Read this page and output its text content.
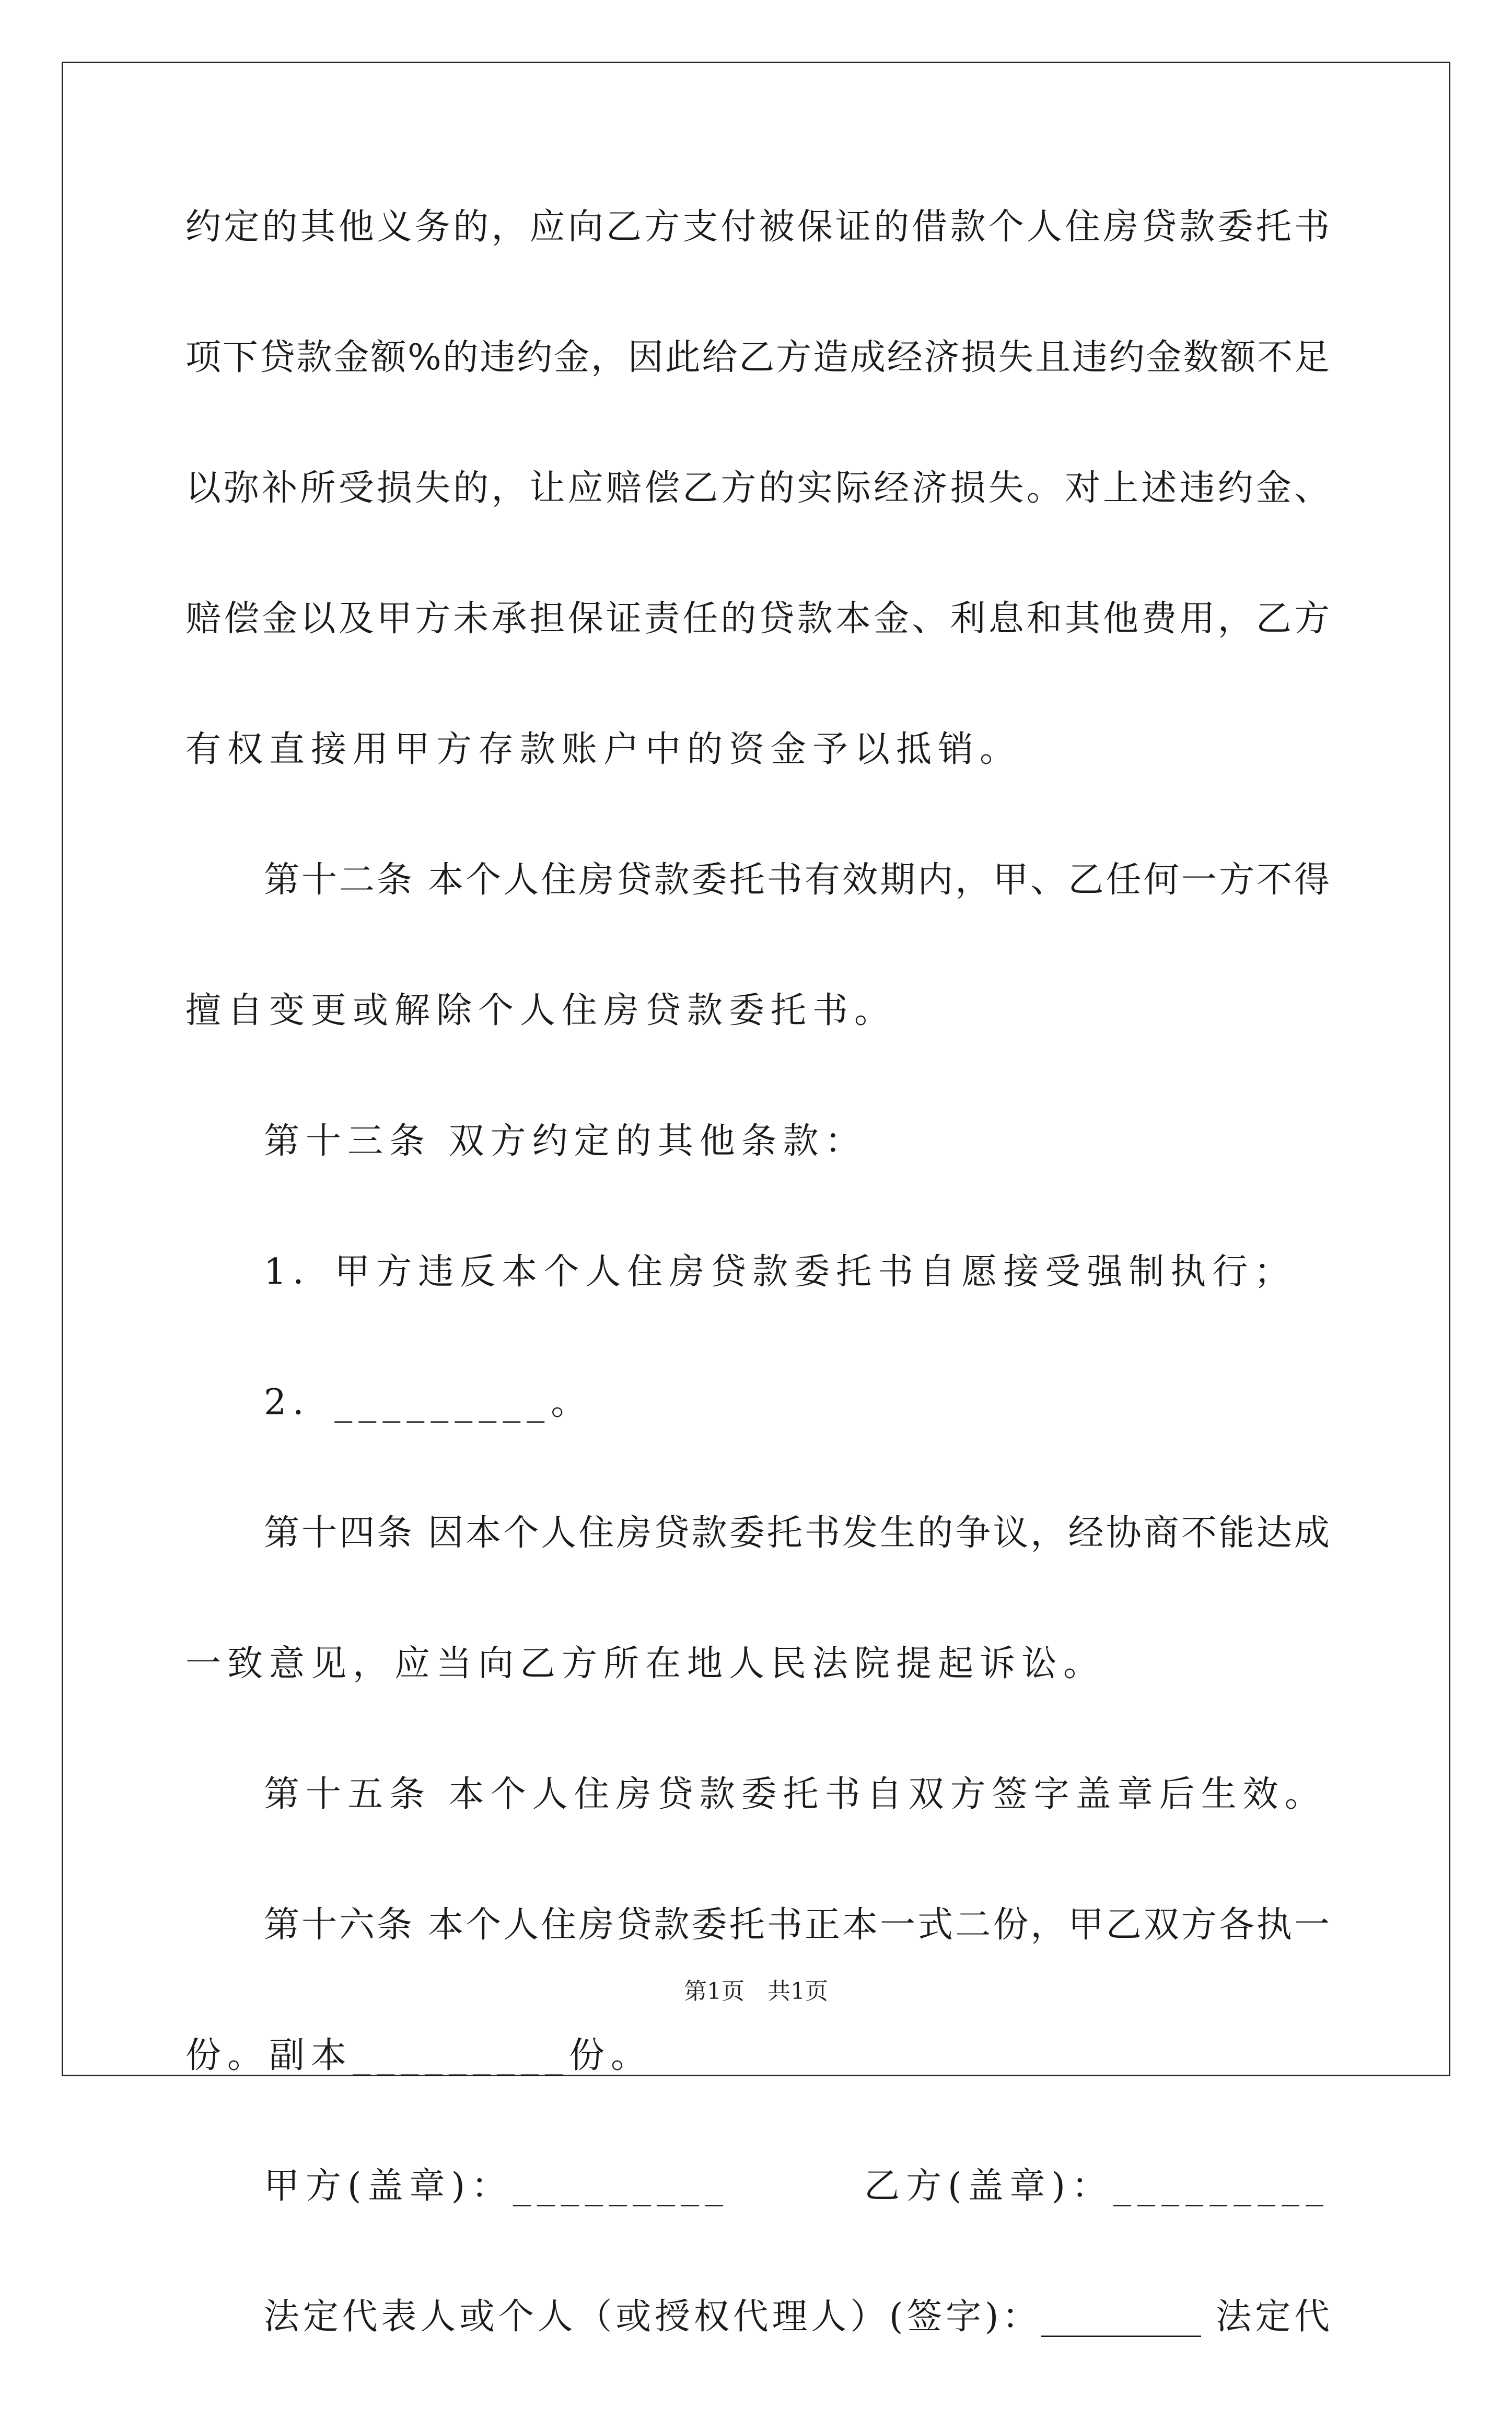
约定的其他义务的，应向乙方支付被保证的借款个人住房贷款委托书
项下贷款金额%的违约金，因此给乙方造成经济损失且违约金数额不足
以弥补所受损失的，让应赔偿乙方的实际经济损失。对上述违约金、
赔偿金以及甲方未承担保证责任的贷款本金、利息和其他费用，乙方
有权直接用甲方存款账户中的资金予以抵销。
第十二条 本个人住房贷款委托书有效期内，甲、乙任何一方不得
擅自变更或解除个人住房贷款委托书。
第十三条 双方约定的其他条款：
1．甲方违反本个人住房贷款委托书自愿接受强制执行；
2．_________。
第十四条 因本个人住房贷款委托书发生的争议，经协商不能达成
一致意见，应当向乙方所在地人民法院提起诉讼。
第十五条 本个人住房贷款委托书自双方签字盖章后生效。
第十六条 本个人住房贷款委托书正本一式二份，甲乙双方各执一
份。副本_________份。
甲方(盖章)：_________	乙方(盖章)：_________
法定代表人或个人（或授权代理人）(签字)：_________ 法定代
第1页　共1页
